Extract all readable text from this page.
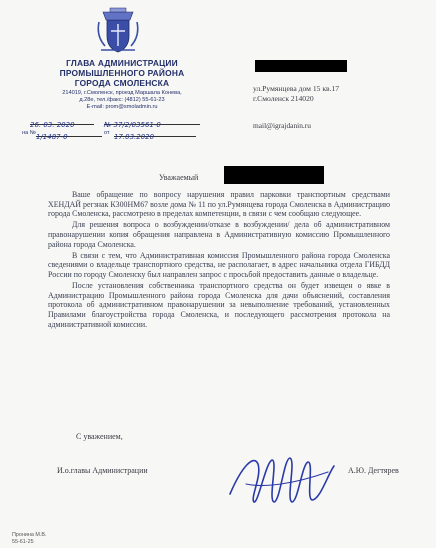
ГЛАВА АДМИНИСТРАЦИИ
ПРОМЫШЛЕННОГО РАЙОНА
ГОРОДА СМОЛЕНСКА
214019, г.Смоленск, проезд Маршала Конева,
д.28е, тел./факс: (4812) 55-61-23
E-mail: prom@smoladmin.ru
26. 03. 2020	№ 37/2/03561-0
на № 1/1487-0	от 17.03.2020
ул.Румянцева дом 15 кв.17
г.Смоленск 214020
mail@igrajdanin.ru
Уважаемый

Ваше обращение по вопросу нарушения правил парковки транспортным средствами ХЕНДАЙ регзнак К300НМ67 возле дома № 11 по ул.Румянцева города Смоленска в Администрацию города Смоленска, рассмотрено в пределах компетенции, в связи с чем сообщаю следующее.

Для решения вопроса о возбуждении/отказе в возбуждении/ дела об административном правонарушении копия обращения направлена в Административную комиссию Промышленного района города Смоленска.

В связи с тем, что Административная комиссия Промышленного района города Смоленска сведениями о владельце транспортного средства, не располагает, в адрес начальника отдела ГИБДД России по городу Смоленску был направлен запрос с просьбой предоставить данные о владельце.

После установления собственника транспортного средства он будет извещен о явке в Администрацию Промышленного района города Смоленска для дачи объяснений, составления протокола об административном правонарушении за невыполнение требований, установленных Правилами благоустройства города Смоленска, и последующего рассмотрения протокола на административной комиссии.

С уважением,
И.о.главы Администрации	А.Ю. Дегтярев
Пронина М.В.
55-61-25
